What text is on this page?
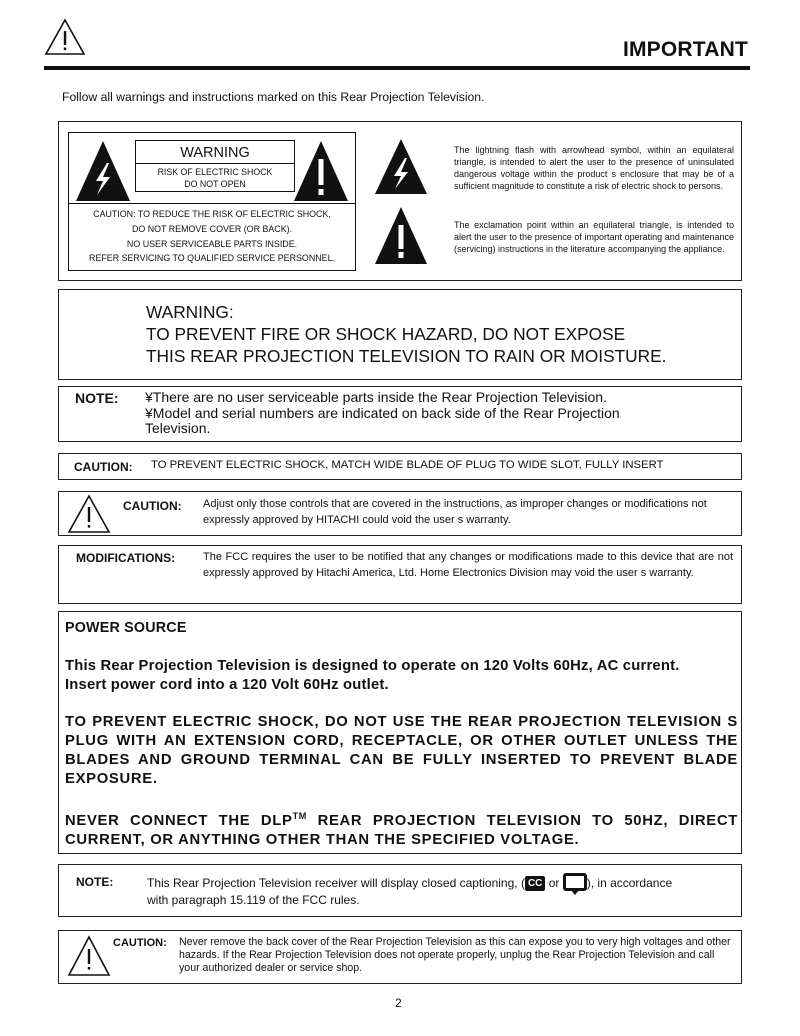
IMPORTANT
Follow all warnings and instructions marked on this Rear Projection Television.
WARNING
RISK OF ELECTRIC SHOCK
DO NOT OPEN
CAUTION: TO REDUCE THE RISK OF ELECTRIC SHOCK,
DO NOT REMOVE COVER (OR BACK).
NO USER SERVICEABLE PARTS INSIDE.
REFER SERVICING TO QUALIFIED SERVICE PERSONNEL.
The lightning flash with arrowhead symbol, within an equilateral triangle, is intended to alert the user to the presence of uninsulated dangerous voltage within the product s enclosure that may be of a sufficient magnitude to constitute a risk of electric shock to persons.
The exclamation point within an equilateral triangle, is intended to alert the user to the presence of important operating and maintenance (servicing) instructions in the literature accompanying the appliance.
WARNING:
TO PREVENT FIRE OR SHOCK HAZARD, DO NOT EXPOSE
THIS REAR PROJECTION TELEVISION TO RAIN OR MOISTURE.
NOTE: ¥There are no user serviceable parts inside the Rear Projection Television.
¥Model and serial numbers are indicated on back side of the Rear Projection
Television.
CAUTION: TO PREVENT ELECTRIC SHOCK, MATCH WIDE BLADE OF PLUG TO WIDE SLOT, FULLY INSERT
CAUTION: Adjust only those controls that are covered in the instructions, as improper changes or modifications not expressly approved by HITACHI could void the user s warranty.
MODIFICATIONS:	The FCC requires the user to be notified that any changes or modifications made to this device that are not expressly approved by Hitachi America, Ltd. Home Electronics Division may void the user s warranty.

POWER SOURCE

This Rear Projection Television is designed to operate on 120 Volts 60Hz, AC current. Insert power cord into a 120 Volt 60Hz outlet.

TO PREVENT ELECTRIC SHOCK, DO NOT USE THE REAR PROJECTION TELEVISION S PLUG WITH AN EXTENSION CORD, RECEPTACLE, OR OTHER OUTLET UNLESS THE BLADES AND GROUND TERMINAL CAN BE FULLY INSERTED TO PREVENT BLADE EXPOSURE.

NEVER CONNECT THE DLP™ REAR PROJECTION TELEVISION TO 50HZ, DIRECT CURRENT, OR ANYTHING OTHER THAN THE SPECIFIED VOLTAGE.

NOTE:	This Rear Projection Television receiver will display closed captioning, ( CC or
), in accordance
with paragraph 15.119 of the FCC rules.
CAUTION: Never remove the back cover of the Rear Projection Television as this can expose you to very high voltages and other hazards. If the Rear Projection Television does not operate properly, unplug the Rear Projection Television and call your authorized dealer or service shop.
2
